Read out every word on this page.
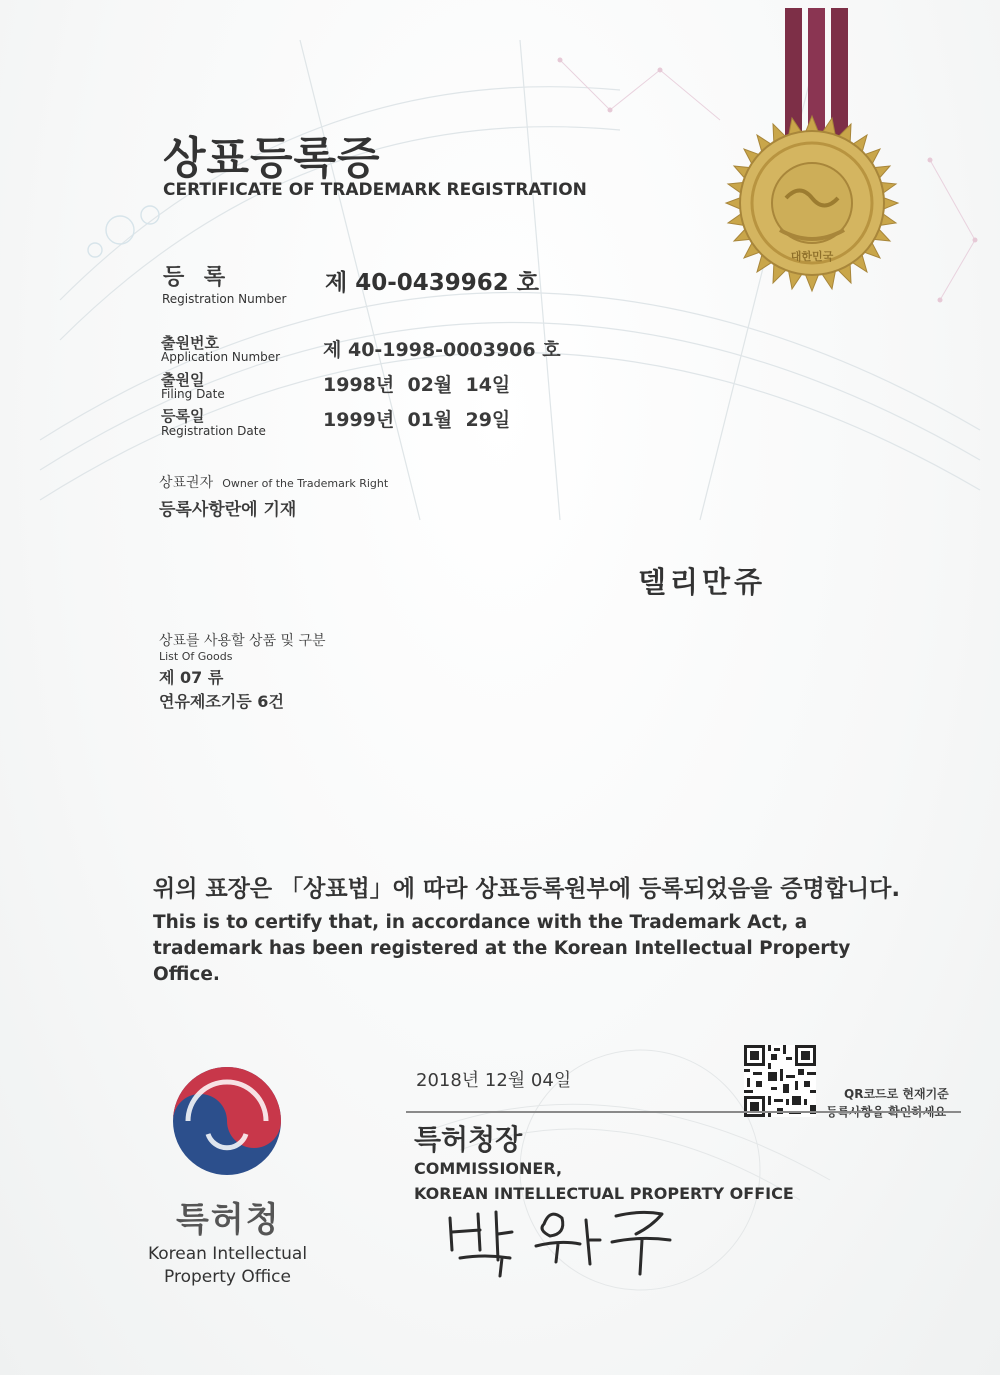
대한민국
상표등록증
CERTIFICATE OF TRADEMARK REGISTRATION
등 록
Registration Number
제 40-0439962 호
출원번호
Application Number 제 40-1998-0003906 호
출원일
Filing Date	1998년  02월  14일
등록일
Registration Date	1999년  01월  29일
상표권자 Owner of the Trademark Right
등록사항란에 기재
델리만쥬
상표를 사용할 상품 및 구분
List Of Goods
제 07 류
연유제조기등 6건
위의 표장은 「상표법」에 따라 상표등록원부에 등록되었음을 증명합니다.
This is to certify that, in accordance with the Trademark Act, a trademark has been registered at the Korean Intellectual Property Office.
2018년 12월 04일
QR코드로 현재기준
특허청장
COMMISSIONER,
KOREAN INTELLECTUAL PROPERTY OFFICE
특허청
Korean Intellectual Property Office
